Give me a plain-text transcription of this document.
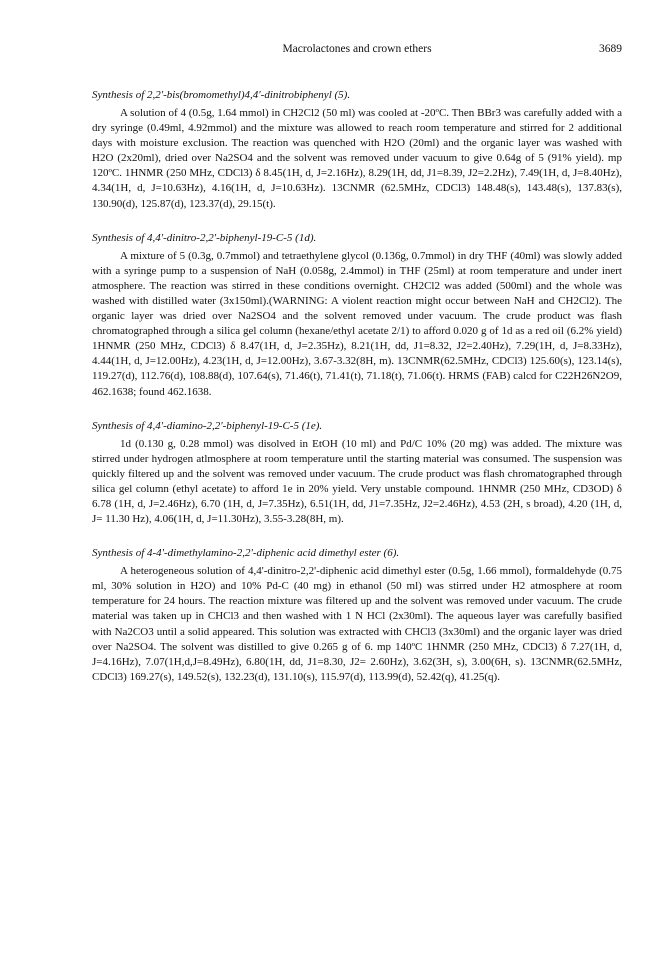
Macrolactones and crown ethers	3689

Synthesis of 2,2'-bis(bromomethyl)4,4'-dinitrobiphenyl (5).

A solution of 4 (0.5g, 1.64 mmol) in CH2Cl2 (50 ml) was cooled at -20ºC. Then BBr3 was carefully added with a dry syringe (0.49ml, 4.92mmol) and the mixture was allowed to reach room temperature and stirred for 2 additional days with moisture exclusion. The reaction was quenched with H2O (20ml) and the organic layer was washed with H2O (2x20ml), dried over Na2SO4 and the solvent was removed under vacuum to give 0.64g of 5 (91% yield). mp 120ºC. 1HNMR (250 MHz, CDCl3) δ 8.45(1H, d, J=2.16Hz), 8.29(1H, dd, J1=8.39, J2=2.2Hz), 7.49(1H, d, J=8.40Hz), 4.34(1H, d, J=10.63Hz), 4.16(1H, d, J=10.63Hz). 13CNMR (62.5MHz, CDCl3) 148.48(s), 143.48(s), 137.83(s), 130.90(d), 125.87(d), 123.37(d), 29.15(t).

Synthesis of 4,4'-dinitro-2,2'-biphenyl-19-C-5 (1d).

A mixture of 5 (0.3g, 0.7mmol) and tetraethylene glycol (0.136g, 0.7mmol) in dry THF (40ml) was slowly added with a syringe pump to a suspension of NaH (0.058g, 2.4mmol) in THF (25ml) at room temperature and under inert atmosphere. The reaction was stirred in these conditions overnight. CH2Cl2 was added (500ml) and the whole was washed with distilled water (3x150ml).(WARNING: A violent reaction might occur between NaH and CH2Cl2). The organic layer was dried over Na2SO4 and the solvent removed under vacuum. The crude product was flash chromatographed through a silica gel column (hexane/ethyl acetate 2/1) to afford 0.020 g of 1d as a red oil (6.2% yield) 1HNMR (250 MHz, CDCl3) δ 8.47(1H, d, J=2.35Hz), 8.21(1H, dd, J1=8.32, J2=2.40Hz), 7.29(1H, d, J=8.33Hz), 4.44(1H, d, J=12.00Hz), 4.23(1H, d, J=12.00Hz), 3.67-3.32(8H, m). 13CNMR(62.5MHz, CDCl3) 125.60(s), 123.14(s), 119.27(d), 112.76(d), 108.88(d), 107.64(s), 71.46(t), 71.41(t), 71.18(t), 71.06(t). HRMS (FAB) calcd for C22H26N2O9, 462.1638; found 462.1638.

Synthesis of 4,4'-diamino-2,2'-biphenyl-19-C-5 (1e).

1d (0.130 g, 0.28 mmol) was disolved in EtOH (10 ml) and Pd/C 10% (20 mg) was added. The mixture was stirred under hydrogen atlmosphere at room temperature until the starting material was consumed. The suspension was quickly filtered up and the solvent was removed under vacuum. The crude product was flash chromatographed through silica gel column (ethyl acetate) to afford 1e in 20% yield. Very unstable compound. 1HNMR (250 MHz, CD3OD) δ 6.78 (1H, d, J=2.46Hz), 6.70 (1H, d, J=7.35Hz), 6.51(1H, dd, J1=7.35Hz, J2=2.46Hz), 4.53 (2H, s broad), 4.20 (1H, d, J= 11.30 Hz), 4.06(1H, d, J=11.30Hz), 3.55-3.28(8H, m).

Synthesis of 4-4'-dimethylamino-2,2'-diphenic acid dimethyl ester (6).

A heterogeneous solution of 4,4'-dinitro-2,2'-diphenic acid dimethyl ester (0.5g, 1.66 mmol), formaldehyde (0.75 ml, 30% solution in H2O) and 10% Pd-C (40 mg) in ethanol (50 ml) was stirred under H2 atmosphere at room temperature for 24 hours. The reaction mixture was filtered up and the solvent was removed under vacuum. The crude material was taken up in CHCl3 and then washed with 1 N HCl (2x30ml). The aqueous layer was carefully basified with Na2CO3 until a solid appeared. This solution was extracted with CHCl3 (3x30ml) and the organic layer was dried over Na2SO4. The solvent was distilled to give 0.265 g of 6. mp 140ºC 1HNMR (250 MHz, CDCl3) δ 7.27(1H, d, J=4.16Hz), 7.07(1H,d,J=8.49Hz), 6.80(1H, dd, J1=8.30, J2= 2.60Hz), 3.62(3H, s), 3.00(6H, s). 13CNMR(62.5MHz, CDCl3) 169.27(s), 149.52(s), 132.23(d), 131.10(s), 115.97(d), 113.99(d), 52.42(q), 41.25(q).
